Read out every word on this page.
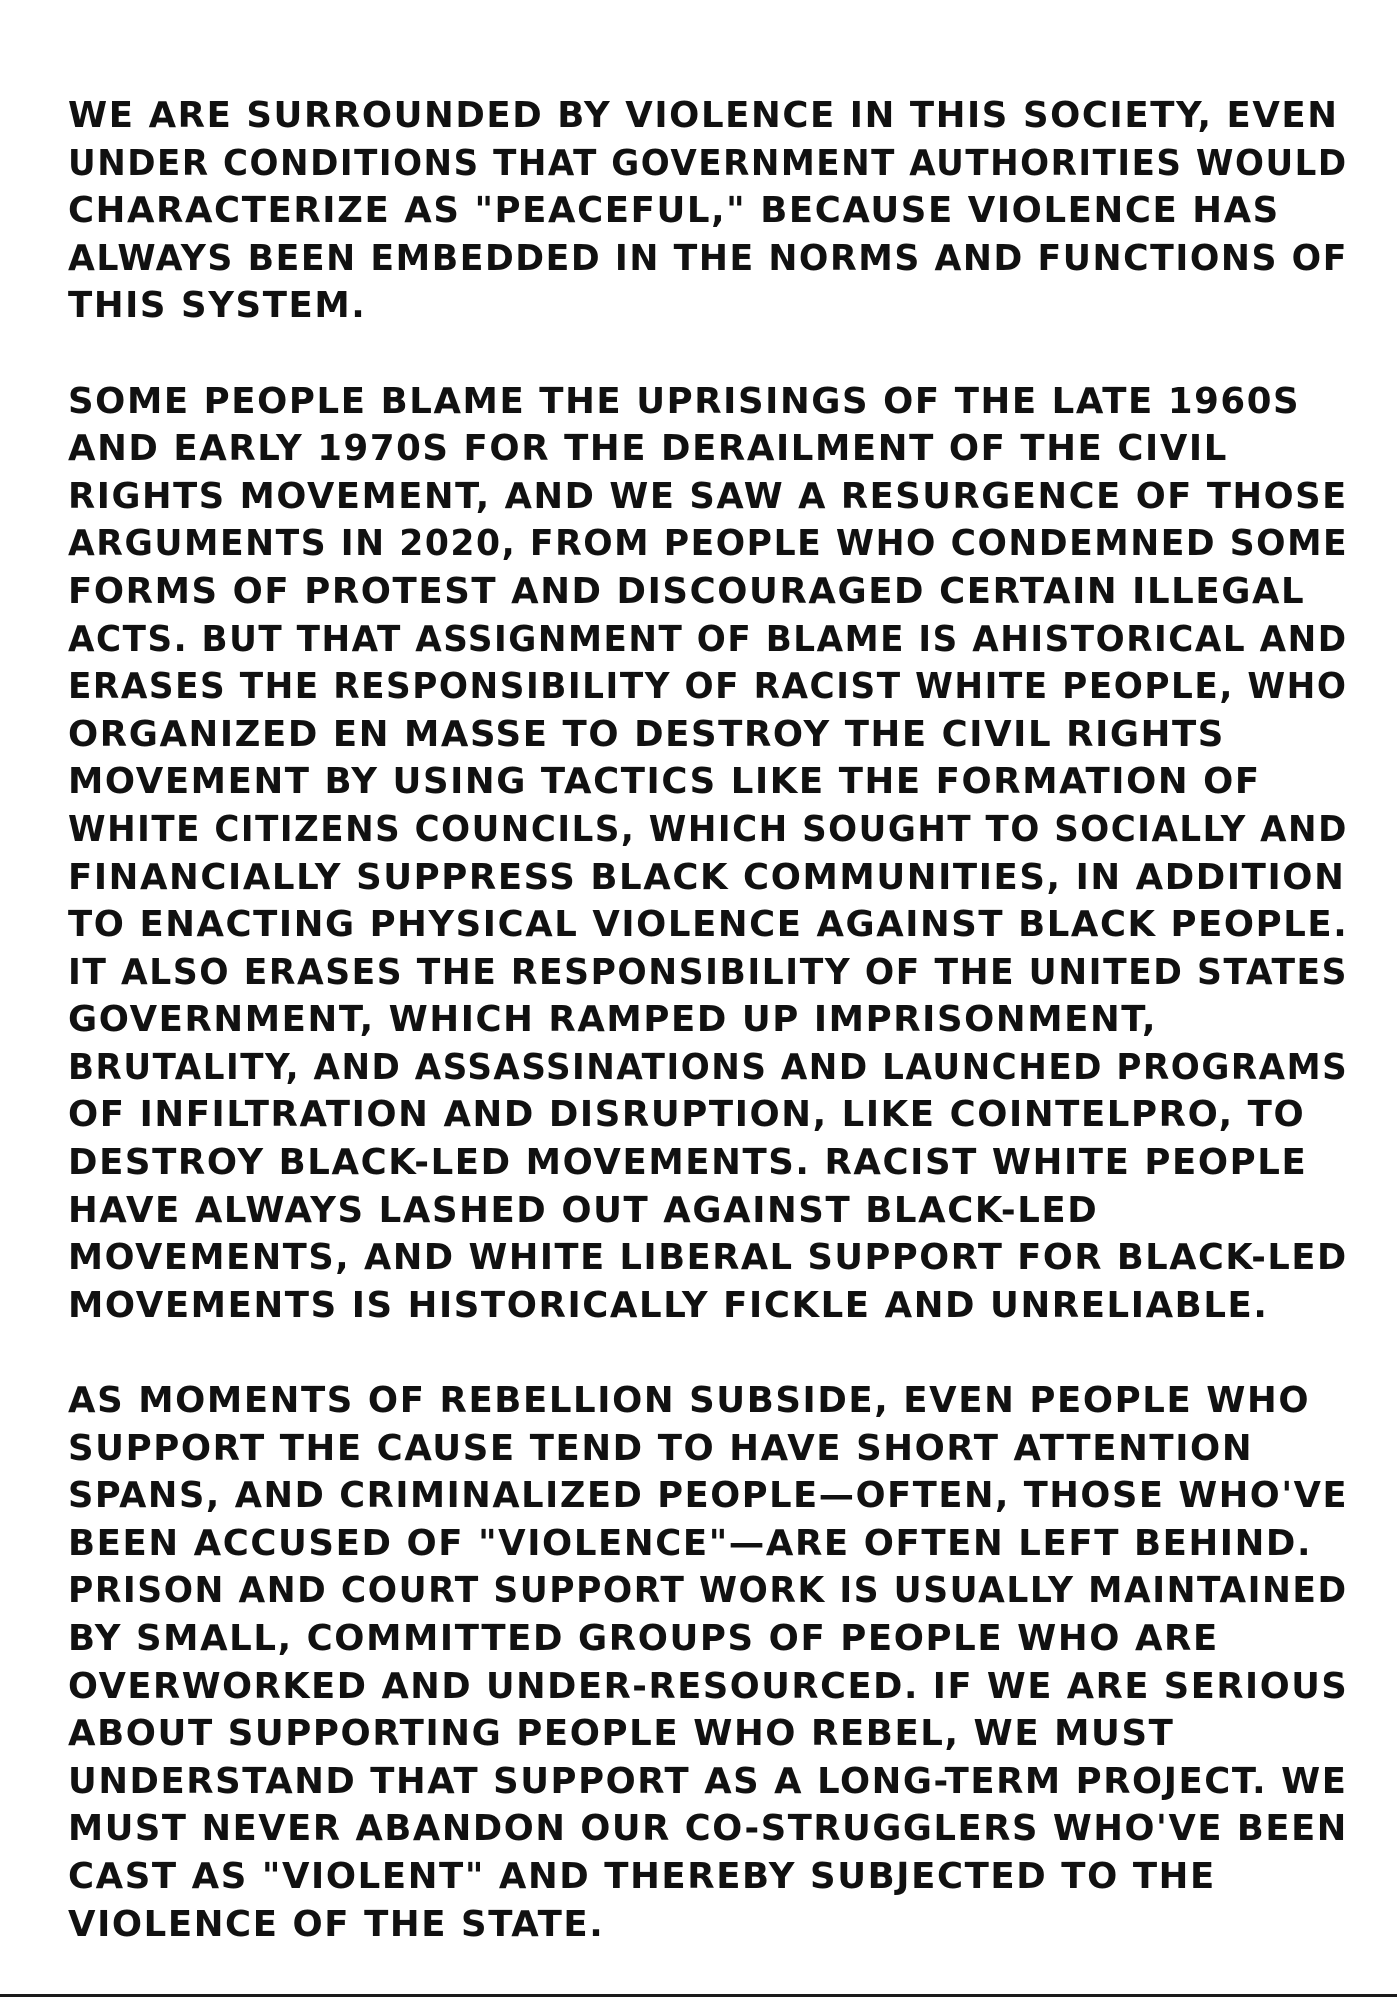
WE ARE SURROUNDED BY VIOLENCE IN THIS SOCIETY, EVEN
UNDER CONDITIONS THAT GOVERNMENT AUTHORITIES WOULD
CHARACTERIZE AS "PEACEFUL," BECAUSE VIOLENCE HAS
ALWAYS BEEN EMBEDDED IN THE NORMS AND FUNCTIONS OF
THIS SYSTEM.

SOME PEOPLE BLAME THE UPRISINGS OF THE LATE 1960S
AND EARLY 1970S FOR THE DERAILMENT OF THE CIVIL
RIGHTS MOVEMENT, AND WE SAW A RESURGENCE OF THOSE
ARGUMENTS IN 2020, FROM PEOPLE WHO CONDEMNED SOME
FORMS OF PROTEST AND DISCOURAGED CERTAIN ILLEGAL
ACTS. BUT THAT ASSIGNMENT OF BLAME IS AHISTORICAL AND
ERASES THE RESPONSIBILITY OF RACIST WHITE PEOPLE, WHO
ORGANIZED EN MASSE TO DESTROY THE CIVIL RIGHTS
MOVEMENT BY USING TACTICS LIKE THE FORMATION OF
WHITE CITIZENS COUNCILS, WHICH SOUGHT TO SOCIALLY AND
FINANCIALLY SUPPRESS BLACK COMMUNITIES, IN ADDITION
TO ENACTING PHYSICAL VIOLENCE AGAINST BLACK PEOPLE.
IT ALSO ERASES THE RESPONSIBILITY OF THE UNITED STATES
GOVERNMENT, WHICH RAMPED UP IMPRISONMENT,
BRUTALITY, AND ASSASSINATIONS AND LAUNCHED PROGRAMS
OF INFILTRATION AND DISRUPTION, LIKE COINTELPRO, TO
DESTROY BLACK-LED MOVEMENTS. RACIST WHITE PEOPLE
HAVE ALWAYS LASHED OUT AGAINST BLACK-LED
MOVEMENTS, AND WHITE LIBERAL SUPPORT FOR BLACK-LED
MOVEMENTS IS HISTORICALLY FICKLE AND UNRELIABLE.

AS MOMENTS OF REBELLION SUBSIDE, EVEN PEOPLE WHO
SUPPORT THE CAUSE TEND TO HAVE SHORT ATTENTION
SPANS, AND CRIMINALIZED PEOPLE—OFTEN, THOSE WHO'VE
BEEN ACCUSED OF "VIOLENCE"—ARE OFTEN LEFT BEHIND.
PRISON AND COURT SUPPORT WORK IS USUALLY MAINTAINED
BY SMALL, COMMITTED GROUPS OF PEOPLE WHO ARE
OVERWORKED AND UNDER-RESOURCED. IF WE ARE SERIOUS
ABOUT SUPPORTING PEOPLE WHO REBEL, WE MUST
UNDERSTAND THAT SUPPORT AS A LONG-TERM PROJECT. WE
MUST NEVER ABANDON OUR CO-STRUGGLERS WHO'VE BEEN
CAST AS "VIOLENT" AND THEREBY SUBJECTED TO THE
VIOLENCE OF THE STATE.
